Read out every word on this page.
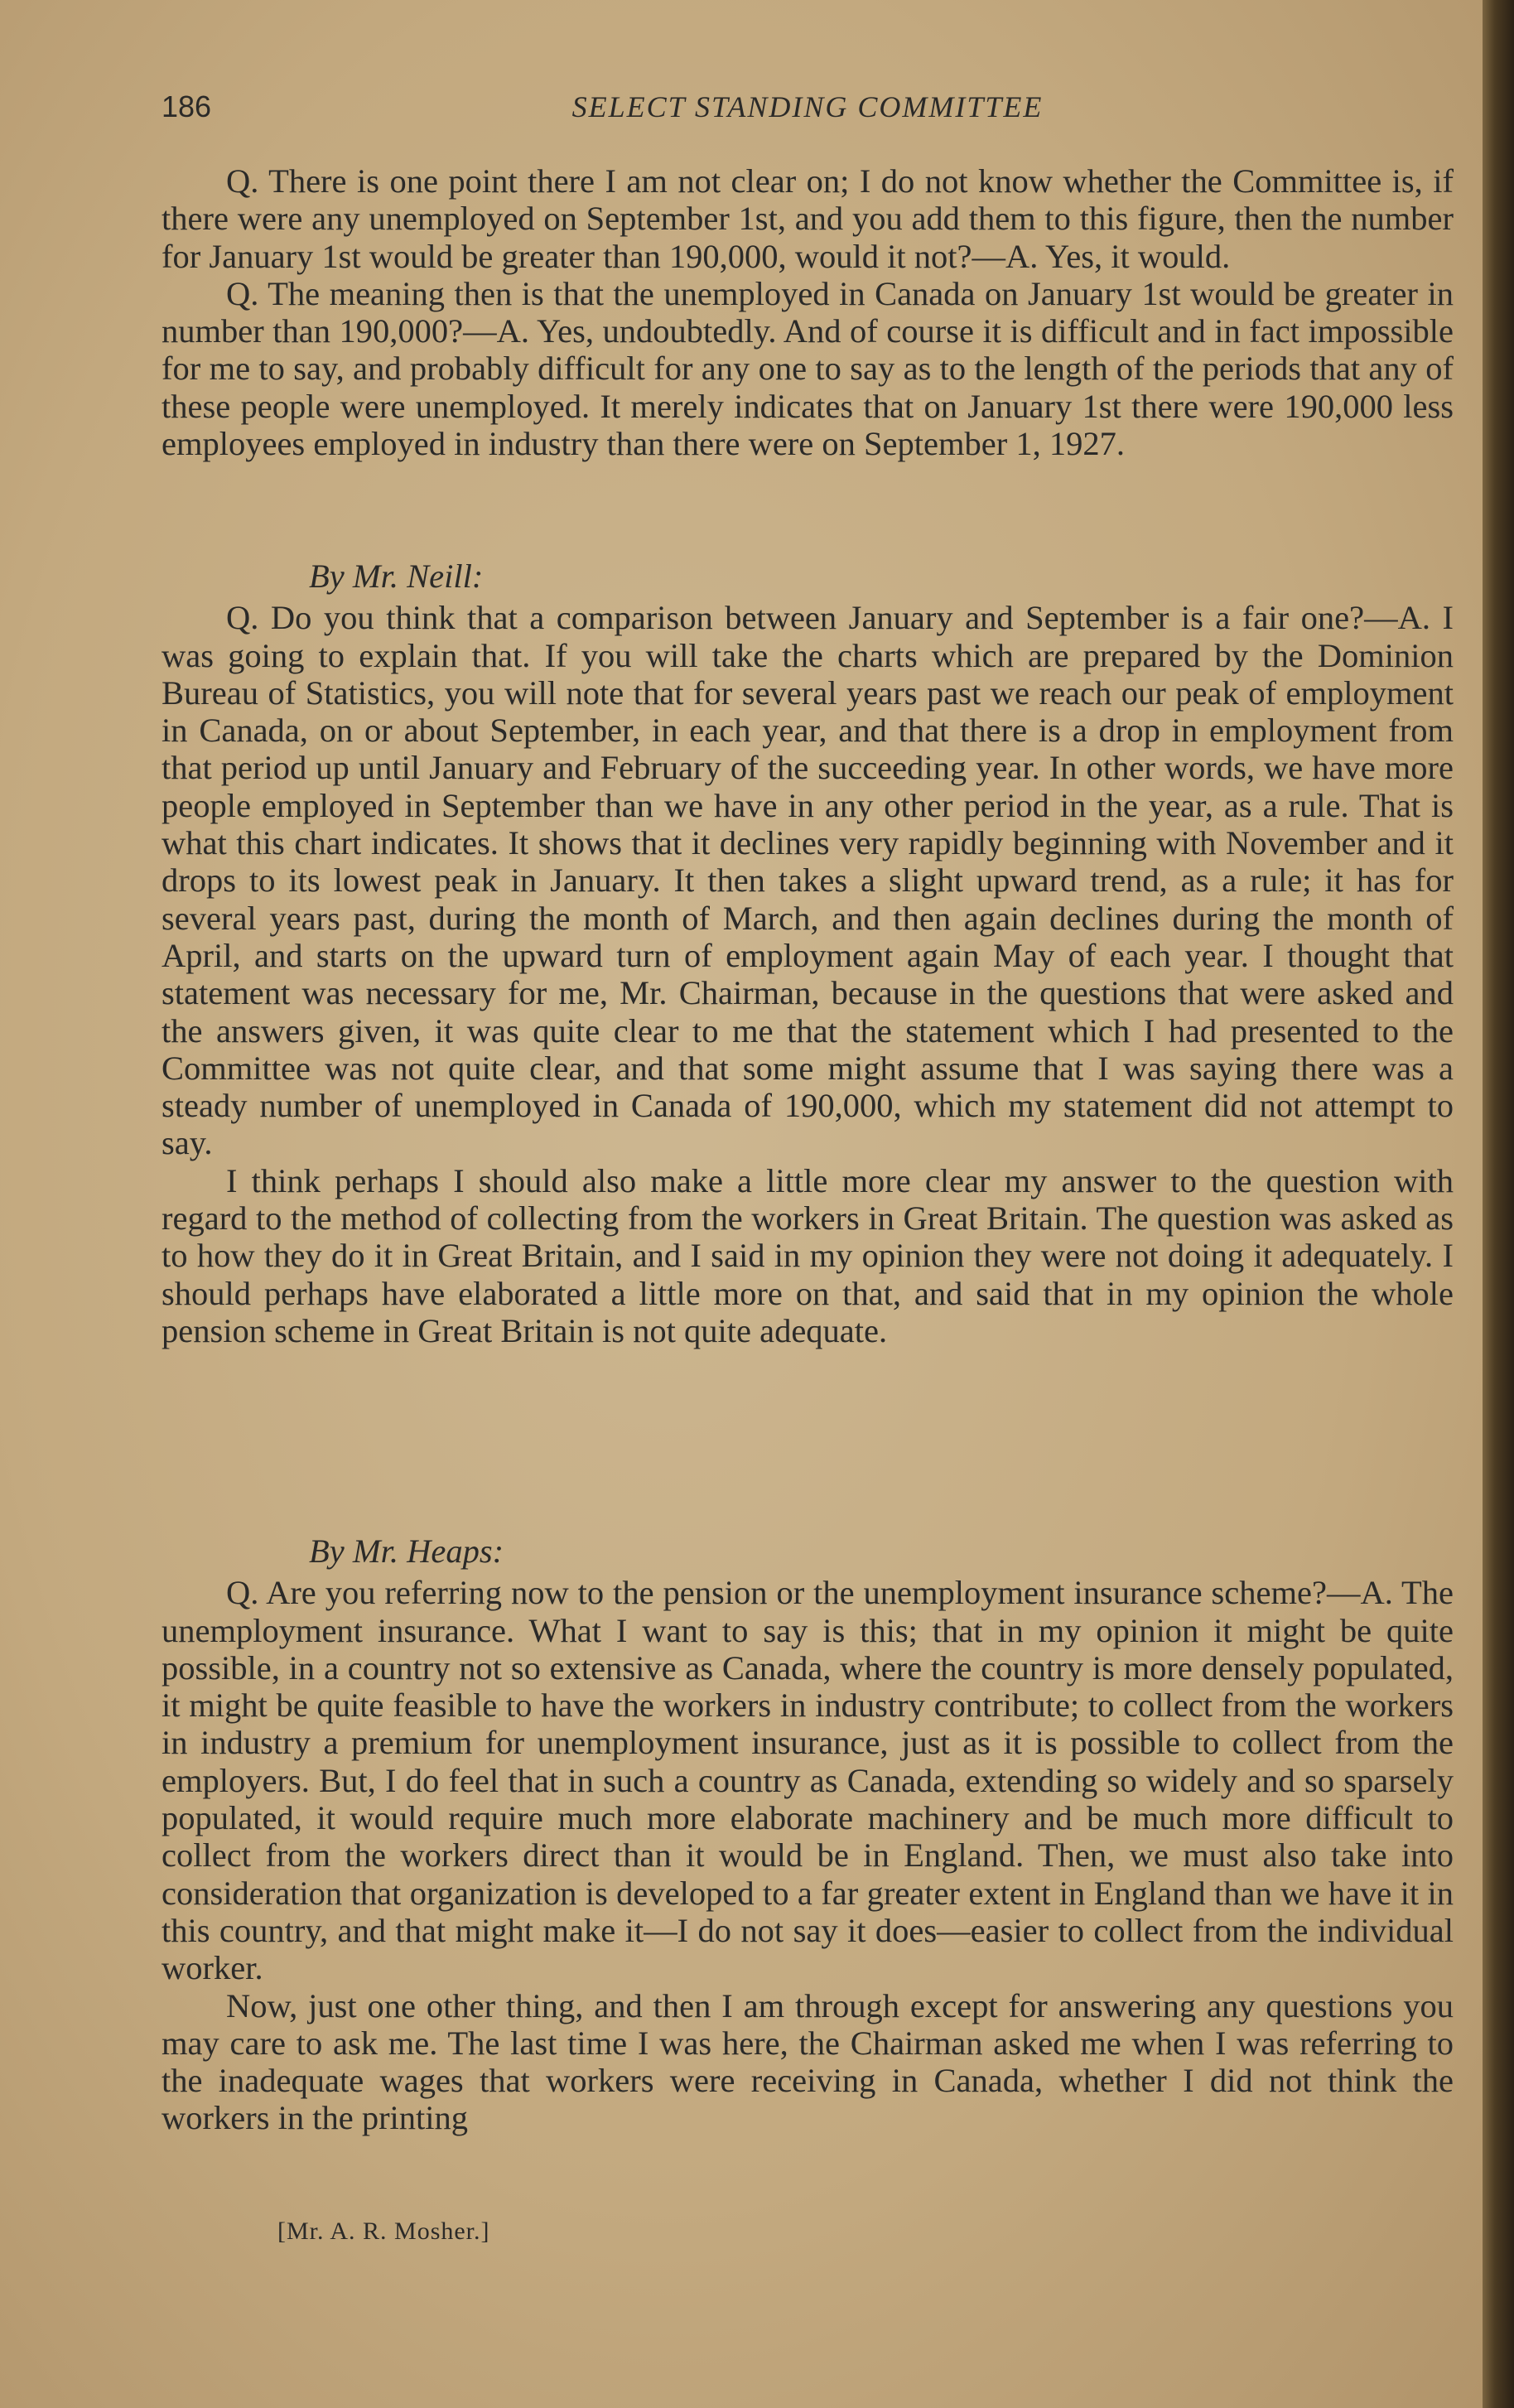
186	SELECT STANDING COMMITTEE

Q. There is one point there I am not clear on; I do not know whether the Committee is, if there were any unemployed on September 1st, and you add them to this figure, then the number for January 1st would be greater than 190,000, would it not?—A. Yes, it would.

Q. The meaning then is that the unemployed in Canada on January 1st would be greater in number than 190,000?—A. Yes, undoubtedly. And of course it is difficult and in fact impossible for me to say, and probably difficult for any one to say as to the length of the periods that any of these people were unemployed. It merely indicates that on January 1st there were 190,000 less employees employed in industry than there were on September 1, 1927.

By Mr. Neill:

Q. Do you think that a comparison between January and September is a fair one?—A. I was going to explain that. If you will take the charts which are prepared by the Dominion Bureau of Statistics, you will note that for several years past we reach our peak of employment in Canada, on or about September, in each year, and that there is a drop in employment from that period up until January and February of the succeeding year. In other words, we have more people employed in September than we have in any other period in the year, as a rule. That is what this chart indicates. It shows that it declines very rapidly beginning with November and it drops to its lowest peak in January. It then takes a slight upward trend, as a rule; it has for several years past, during the month of March, and then again declines during the month of April, and starts on the upward turn of employment again May of each year. I thought that statement was necessary for me, Mr. Chairman, because in the questions that were asked and the answers given, it was quite clear to me that the statement which I had presented to the Committee was not quite clear, and that some might assume that I was saying there was a steady number of unemployed in Canada of 190,000, which my statement did not attempt to say.

I think perhaps I should also make a little more clear my answer to the question with regard to the method of collecting from the workers in Great Britain. The question was asked as to how they do it in Great Britain, and I said in my opinion they were not doing it adequately. I should perhaps have elaborated a little more on that, and said that in my opinion the whole pension scheme in Great Britain is not quite adequate.

By Mr. Heaps:

Q. Are you referring now to the pension or the unemployment insurance scheme?—A. The unemployment insurance. What I want to say is this; that in my opinion it might be quite possible, in a country not so extensive as Canada, where the country is more densely populated, it might be quite feasible to have the workers in industry contribute; to collect from the workers in industry a premium for unemployment insurance, just as it is possible to collect from the employers. But, I do feel that in such a country as Canada, extending so widely and so sparsely populated, it would require much more elaborate machinery and be much more difficult to collect from the workers direct than it would be in England. Then, we must also take into consideration that organization is developed to a far greater extent in England than we have it in this country, and that might make it—I do not say it does—easier to collect from the individual worker.

Now, just one other thing, and then I am through except for answering any questions you may care to ask me. The last time I was here, the Chairman asked me when I was referring to the inadequate wages that workers were receiving in Canada, whether I did not think the workers in the printing

[Mr. A. R. Mosher.]
